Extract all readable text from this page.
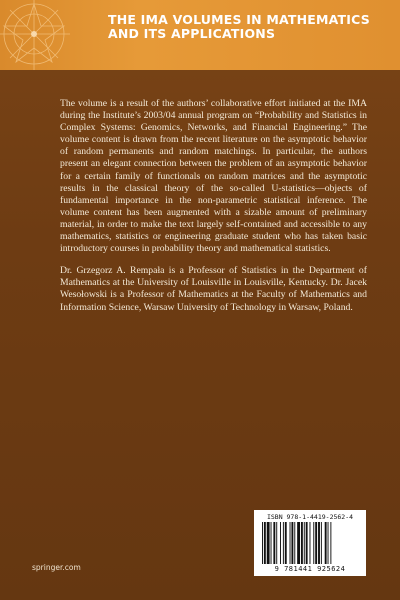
THE IMA VOLUMES IN MATHEMATICS
AND ITS APPLICATIONS

The volume is a result of the authors’ collaborative effort initiated at the IMA during the Institute’s 2003/04 annual program on “Probability and Statistics in Complex Systems: Genomics, Networks, and Financial Engineering.” The volume content is drawn from the recent literature on the asymptotic behavior of random permanents and random matchings. In particular, the authors present an elegant connection between the problem of an asymptotic behavior for a certain family of functionals on random matrices and the asymptotic results in the classical theory of the so-called U-statistics—objects of fundamental importance in the non-parametric statistical inference. The volume content has been augmented with a sizable amount of preliminary material, in order to make the text largely self-contained and accessible to any mathematics, statistics or engineering graduate student who has taken basic introductory courses in probability theory and mathematical statistics.

Dr. Grzegorz A. Rempała is a Professor of Statistics in the Department of Mathematics at the University of Louisville in Louisville, Kentucky. Dr. Jacek Wesołowski is a Professor of Mathematics at the Faculty of Mathematics and Information Science, Warsaw University of Technology in Warsaw, Poland.

ISBN 978-1-4419-2562-4
9 781441 925624
springer.com
